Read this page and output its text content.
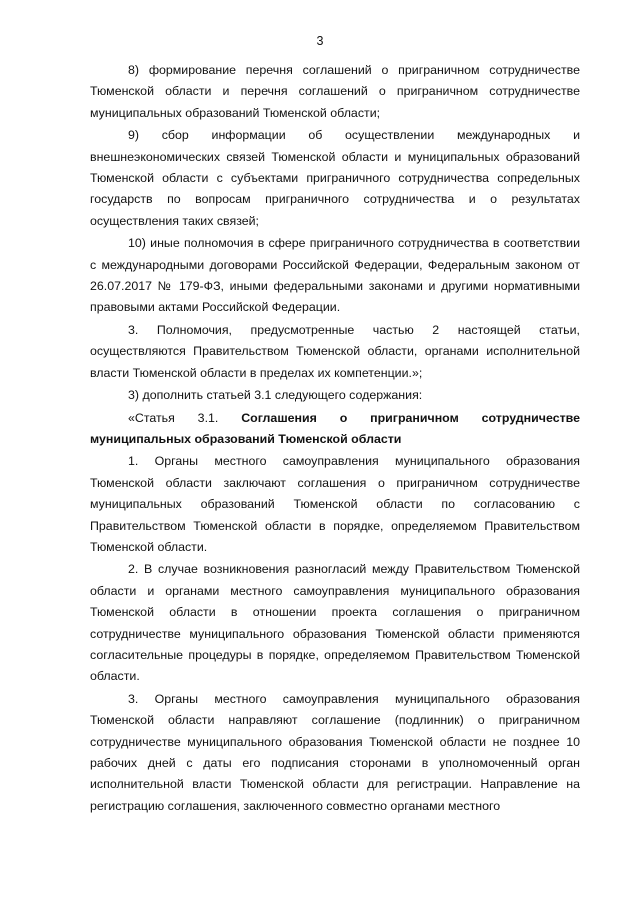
3

8) формирование перечня соглашений о приграничном сотрудничестве Тюменской области и перечня соглашений о приграничном сотрудничестве муниципальных образований Тюменской области;

9) сбор информации об осуществлении международных и внешнеэкономических связей Тюменской области и муниципальных образований Тюменской области с субъектами приграничного сотрудничества сопредельных государств по вопросам приграничного сотрудничества и о результатах осуществления таких связей;

10) иные полномочия в сфере приграничного сотрудничества в соответствии с международными договорами Российской Федерации, Федеральным законом от 26.07.2017 № 179-ФЗ, иными федеральными законами и другими нормативными правовыми актами Российской Федерации.

3. Полномочия, предусмотренные частью 2 настоящей статьи, осуществляются Правительством Тюменской области, органами исполнительной власти Тюменской области в пределах их компетенции.»;

3) дополнить статьей 3.1 следующего содержания:

«Статья 3.1. Соглашения о приграничном сотрудничестве муниципальных образований Тюменской области

1. Органы местного самоуправления муниципального образования Тюменской области заключают соглашения о приграничном сотрудничестве муниципальных образований Тюменской области по согласованию с Правительством Тюменской области в порядке, определяемом Правительством Тюменской области.

2. В случае возникновения разногласий между Правительством Тюменской области и органами местного самоуправления муниципального образования Тюменской области в отношении проекта соглашения о приграничном сотрудничестве муниципального образования Тюменской области применяются согласительные процедуры в порядке, определяемом Правительством Тюменской области.

3. Органы местного самоуправления муниципального образования Тюменской области направляют соглашение (подлинник) о приграничном сотрудничестве муниципального образования Тюменской области не позднее 10 рабочих дней с даты его подписания сторонами в уполномоченный орган исполнительной власти Тюменской области для регистрации. Направление на регистрацию соглашения, заключенного совместно органами местного
